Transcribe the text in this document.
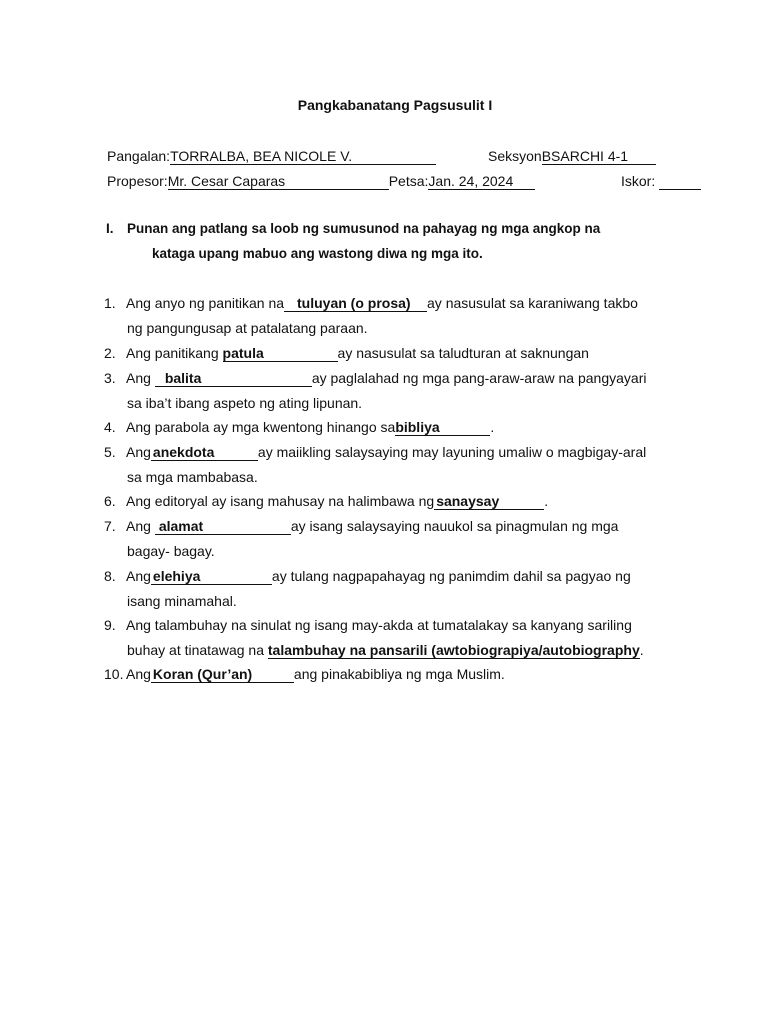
Pangkabanatang Pagsusulit I
Pangalan:TORRALBA, BEA NICOLE V.	SeksyonBSARCHI 4-1
Propesor:Mr. Cesar Caparas	Petsa:Jan. 24, 2024	Iskor:
I. Punan ang patlang sa loob ng sumusunod na pahayag ng mga angkop na
kataga upang mabuo ang wastong diwa ng mga ito.
1. Ang anyo ng panitikan na tuluyan (o prosa) ay nasusulat sa karaniwang takbo
ng pangungusap at patalatang paraan.
2. Ang panitikang patula	ay nasusulat sa taludturan at saknungan
3. Ang balita	ay paglalahad ng mga pang-araw-araw na pangyayari
sa iba’t ibang aspeto ng ating lipunan.
4. Ang parabola ay mga kwentong hinango sabibliya	.
5. Ang anekdota	ay maiikling salaysaying may layuning umaliw o magbigay-aral
sa mga mambabasa.
6. Ang editoryal ay isang mahusay na halimbawa ng sanaysay	.
7. Ang alamat	ay isang salaysaying nauukol sa pinagmulan ng mga
bagay- bagay.
8. Ang elehiya	ay tulang nagpapahayag ng panimdim dahil sa pagyao ng
isang minamahal.
9. Ang talambuhay na sinulat ng isang may-akda at tumatalakay sa kanyang sariling
buhay at tinatawag na talambuhay na pansarili (awtobiograpiya/autobiography.
10. Ang Koran (Qur’an)	ang pinakabibliya ng mga Muslim.
